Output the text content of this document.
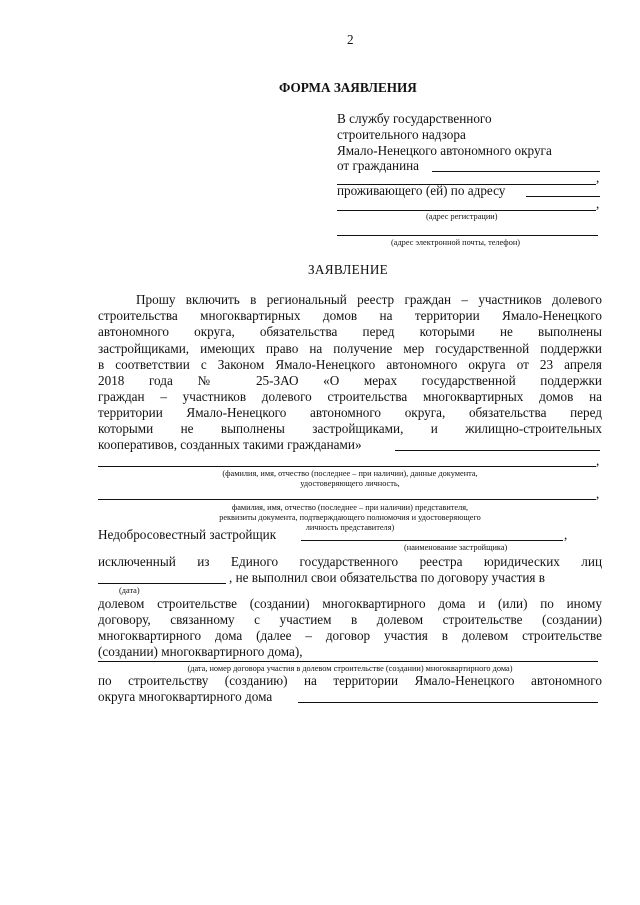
2
ФОРМА ЗАЯВЛЕНИЯ
В службу государственного
строительного надзора
Ямало-Ненецкого автономного округа
от гражданина
,
проживающего (ей) по адресу
,
(адрес регистрации)
(адрес электронной почты, телефон)
ЗАЯВЛЕНИЕ
Прошу включить в региональный реестр граждан – участников долевого
строительства многоквартирных домов на территории Ямало-Ненецкого
автономного округа, обязательства перед которыми не выполнены
застройщиками, имеющих право на получение мер государственной поддержки
в соответствии с Законом Ямало-Ненецкого автономного округа от 23 апреля
2018 года № 25-ЗАО «О мерах государственной поддержки
граждан – участников долевого строительства многоквартирных домов на
территории Ямало-Ненецкого автономного округа, обязательства перед
которыми не выполнены застройщиками, и жилищно-строительных
кооперативов, созданных такими гражданами»
,
(фамилия, имя, отчество (последнее – при наличии), данные документа,
удостоверяющего личность,
,
фамилия, имя, отчество (последнее – при наличии) представителя,
реквизиты документа, подтверждающего полномочия и удостоверяющего
личность представителя)
Недобросовестный застройщик	,
(наименование застройщика)
исключенный из Единого государственного реестра юридических лиц
, не выполнил свои обязательства по договору участия в
(дата)
долевом строительстве (создании) многоквартирного дома и (или) по иному
договору, связанному с участием в долевом строительстве (создании)
многоквартирного дома (далее – договор участия в долевом строительстве
(создании) многоквартирного дома),
(дата, номер договора участия в долевом строительстве (создании) многоквартирного дома)
по строительству (созданию) на территории Ямало-Ненецкого автономного
округа многоквартирного дома
